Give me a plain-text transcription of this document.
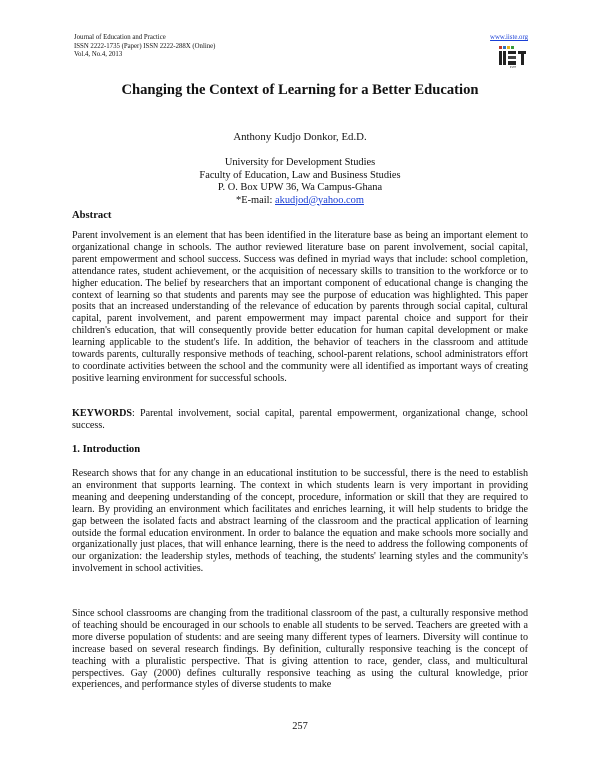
Journal of Education and Practice
ISSN 2222-1735 (Paper) ISSN 2222-288X (Online)
Vol.4, No.4, 2013
www.iiste.org
IISTE
Changing the Context of Learning for a Better Education
Anthony Kudjo Donkor, Ed.D.
University for Development Studies
Faculty of Education, Law and Business Studies
P. O. Box UPW 36, Wa Campus-Ghana
*E-mail: akudjod@yahoo.com
Abstract
Parent involvement is an element that has been identified in the literature base as being an important element to organizational change in schools. The author reviewed literature base on parent involvement, social capital, parent empowerment and school success. Success was defined in myriad ways that include: school completion, attendance rates, student achievement, or the acquisition of necessary skills to transition to the workforce or to higher education. The belief by researchers that an important component of educational change is changing the context of learning so that students and parents may see the purpose of education was highlighted. This paper posits that an increased understanding of the relevance of education by parents through social capital, cultural capital, parent involvement, and parent empowerment may impact parental choice and support for their children's education, that will consequently provide better education for human capital development or make learning applicable to the student's life. In addition, the behavior of teachers in the classroom and attitude towards parents, culturally responsive methods of teaching, school-parent relations, school administrators effort to coordinate activities between the school and the community were all identified as important ways of creating positive learning environment for successful schools.
KEYWORDS: Parental involvement, social capital, parental empowerment, organizational change, school success.
1. Introduction
Research shows that for any change in an educational institution to be successful, there is the need to establish an environment that supports learning. The context in which students learn is very important in providing meaning and deepening understanding of the concept, procedure, information or skill that they are required to learn. By providing an environment which facilitates and enriches learning, it will help students to bridge the gap between the isolated facts and abstract learning of the classroom and the practical application of learning outside the formal education environment. In order to balance the equation and make schools more socially and organizationally just places, that will enhance learning, there is the need to address the following components of our organization: the leadership styles, methods of teaching, the students' learning styles and the community's involvement in school activities.
Since school classrooms are changing from the traditional classroom of the past, a culturally responsive method of teaching should be encouraged in our schools to enable all students to be served. Teachers are greeted with a more diverse population of students: and are seeing many different types of learners. Diversity will continue to increase based on several research findings. By definition, culturally responsive teaching is the concept of teaching with a pluralistic perspective. That is giving attention to race, gender, class, and multicultural perspectives. Gay (2000) defines culturally responsive teaching as using the cultural knowledge, prior experiences, and performance styles of diverse students to make
257
